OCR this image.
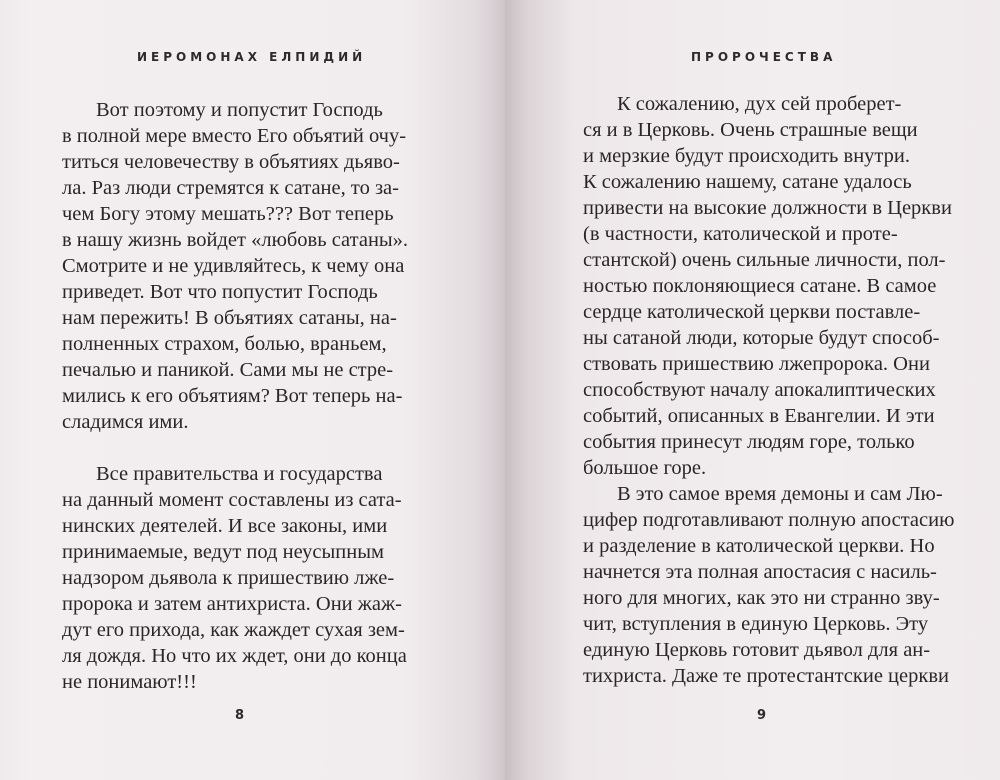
ИЕРОМОНАХ ЕЛПИДИЙ

Вот поэтому и попустит Господь
в полной мере вместо Его объятий очу-
титься человечеству в объятиях дьяво-
ла. Раз люди стремятся к сатане, то за-
чем Богу этому мешать??? Вот теперь
в нашу жизнь войдет «любовь сатаны».
Смотрите и не удивляйтесь, к чему она
приведет. Вот что попустит Господь
нам пережить! В объятиях сатаны, на-
полненных страхом, болью, враньем,
печалью и паникой. Сами мы не стре-
мились к его объятиям? Вот теперь на-
сладимся ими.

Все правительства и государства
на данный момент составлены из сата-
нинских деятелей. И все законы, ими
принимаемые, ведут под неусыпным
надзором дьявола к пришествию лже-
пророка и затем антихриста. Они жаж-
дут его прихода, как жаждет сухая зем-
ля дождя. Но что их ждет, они до конца
не понимают!!!

8
ПРОРОЧЕСТВА

К сожалению, дух сей проберет-
ся и в Церковь. Очень страшные вещи
и мерзкие будут происходить внутри.
К сожалению нашему, сатане удалось
привести на высокие должности в Церкви
(в частности, католической и проте-
стантской) очень сильные личности, пол-
ностью поклоняющиеся сатане. В самое
сердце католической церкви поставле-
ны сатаной люди, которые будут способ-
ствовать пришествию лжепророка. Они
способствуют началу апокалиптических
событий, описанных в Евангелии. И эти
события принесут людям горе, только
большое горе.

В это самое время демоны и сам Лю-
цифер подготавливают полную апостасию
и разделение в католической церкви. Но
начнется эта полная апостасия с насиль-
ного для многих, как это ни странно зву-
чит, вступления в единую Церковь. Эту
единую Церковь готовит дьявол для ан-
тихриста. Даже те протестантские церкви

9
